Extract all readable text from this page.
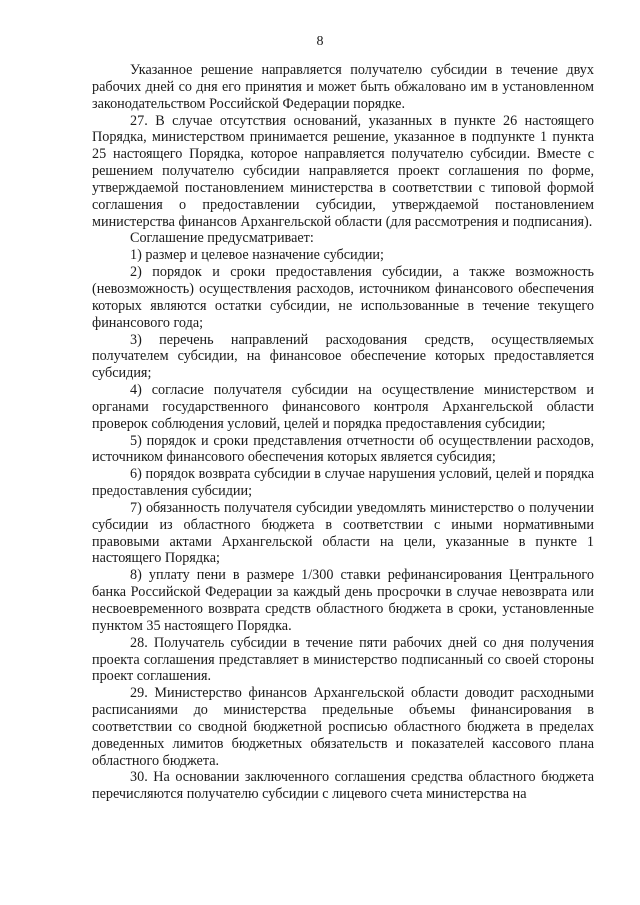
8

Указанное решение направляется получателю субсидии в течение двух рабочих дней со дня его принятия и может быть обжаловано им в установленном законодательством Российской Федерации порядке.

27. В случае отсутствия оснований, указанных в пункте 26 настоящего Порядка, министерством принимается решение, указанное в подпункте 1 пункта 25 настоящего Порядка, которое направляется получателю субсидии. Вместе с решением получателю субсидии направляется проект соглашения по форме, утверждаемой постановлением министерства в соответствии с типовой формой соглашения о предоставлении субсидии, утверждаемой постановлением министерства финансов Архангельской области (для рассмотрения и подписания).

Соглашение предусматривает:

1) размер и целевое назначение субсидии;

2) порядок и сроки предоставления субсидии, а также возможность (невозможность) осуществления расходов, источником финансового обеспечения которых являются остатки субсидии, не использованные в течение текущего финансового года;

3) перечень направлений расходования средств, осуществляемых получателем субсидии, на финансовое обеспечение которых предоставляется субсидия;

4) согласие получателя субсидии на осуществление министерством и органами государственного финансового контроля Архангельской области проверок соблюдения условий, целей и порядка предоставления субсидии;

5) порядок и сроки представления отчетности об осуществлении расходов, источником финансового обеспечения которых является субсидия;

6) порядок возврата субсидии в случае нарушения условий, целей и порядка предоставления субсидии;

7) обязанность получателя субсидии уведомлять министерство о получении субсидии из областного бюджета в соответствии с иными нормативными правовыми актами Архангельской области на цели, указанные в пункте 1 настоящего Порядка;

8) уплату пени в размере 1/300 ставки рефинансирования Центрального банка Российской Федерации за каждый день просрочки в случае невозврата или несвоевременного возврата средств областного бюджета в сроки, установленные пунктом 35 настоящего Порядка.

28. Получатель субсидии в течение пяти рабочих дней со дня получения проекта соглашения представляет в министерство подписанный со своей стороны проект соглашения.

29. Министерство финансов Архангельской области доводит расходными расписаниями до министерства предельные объемы финансирования в соответствии со сводной бюджетной росписью областного бюджета в пределах доведенных лимитов бюджетных обязательств и показателей кассового плана областного бюджета.

30. На основании заключенного соглашения средства областного бюджета перечисляются получателю субсидии с лицевого счета министерства на
